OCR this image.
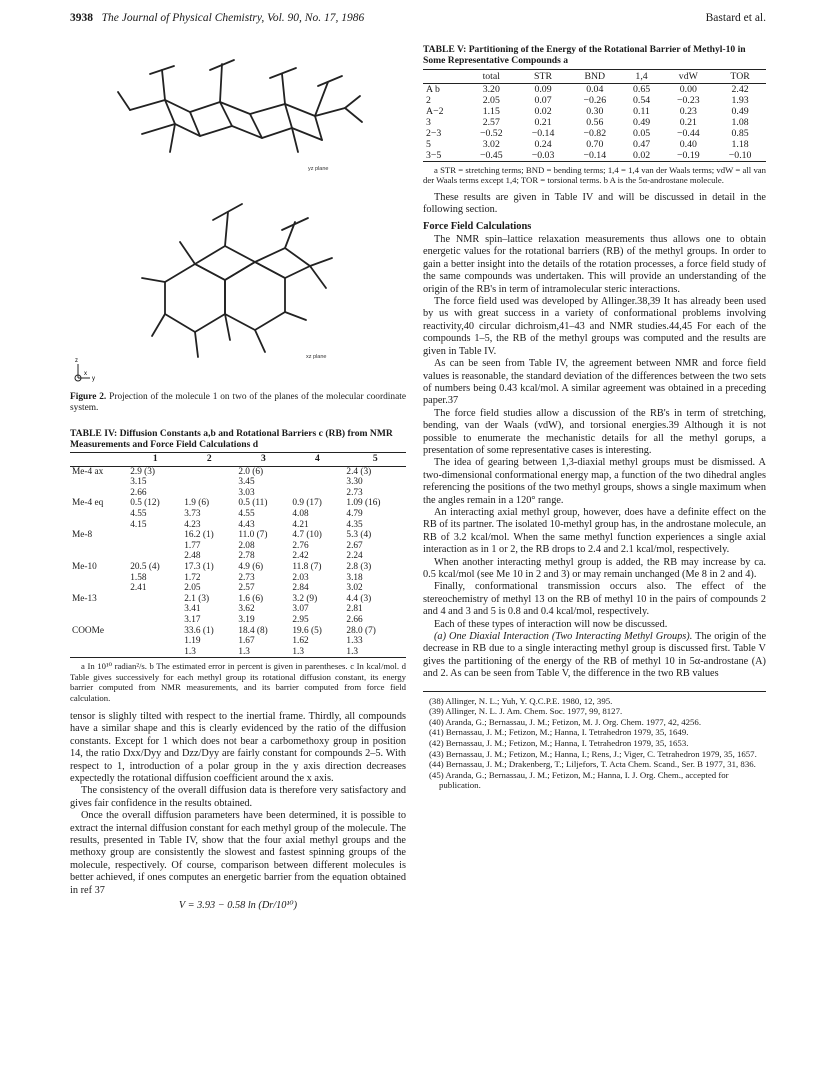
3938 The Journal of Physical Chemistry, Vol. 90, No. 17, 1986	Bastard et al.
yz plane
xz plane
z
x
y
Figure 2. Projection of the molecule 1 on two of the planes of the molecular coordinate system.
TABLE IV: Diffusion Constants a,b and Rotational Barriers c (RB) from NMR Measurements and Force Field Calculations d
	1	2	3	4	5
Me-4 ax	2.9 (3)		2.0 (6)		2.4 (3)
	3.15		3.45		3.30
	2.66		3.03		2.73
Me-4 eq	0.5 (12)	1.9 (6)	0.5 (11)	0.9 (17)	1.09 (16)
	4.55	3.73	4.55	4.08	4.79
	4.15	4.23	4.43	4.21	4.35
Me-8		16.2 (1)	11.0 (7)	4.7 (10)	5.3 (4)
		1.77	2.08	2.76	2.67
		2.48	2.78	2.42	2.24
Me-10	20.5 (4)	17.3 (1)	4.9 (6)	11.8 (7)	2.8 (3)
	1.58	1.72	2.73	2.03	3.18
	2.41	2.05	2.57	2.84	3.02
Me-13		2.1 (3)	1.6 (6)	3.2 (9)	4.4 (3)
		3.41	3.62	3.07	2.81
		3.17	3.19	2.95	2.66
COOMe		33.6 (1)	18.4 (8)	19.6 (5)	28.0 (7)
		1.19	1.67	1.62	1.33
		1.3	1.3	1.3	1.3
a In 10¹⁰ radian²/s. b The estimated error in percent is given in parentheses. c In kcal/mol. d Table gives successively for each methyl group its rotational diffusion constant, its energy barrier computed from NMR measurements, and its barrier computed from force field calculation.

tensor is slighly tilted with respect to the inertial frame. Thirdly, all compounds have a similar shape and this is clearly evidenced by the ratio of the diffusion constants. Except for 1 which does not bear a carbomethoxy group in position 14, the ratio Dxx/Dyy and Dzz/Dyy are fairly constant for compounds 2–5. With respect to 1, introduction of a polar group in the y axis direction decreases expectedly the rotational diffusion coefficient around the x axis.

The consistency of the overall diffusion data is therefore very satisfactory and gives fair confidence in the results obtained.

Once the overall diffusion parameters have been determined, it is possible to extract the internal diffusion constant for each methyl group of the molecule. The results, presented in Table IV, show that the four axial methyl groups and the methoxy group are consistently the slowest and fastest spinning groups of the molecule, respectively. Of course, comparison between different molecules is better achieved, if ones computes an energetic barrier from the equation obtained in ref 37

V = 3.93 − 0.58 ln (Dr/10¹⁰)
TABLE V: Partitioning of the Energy of the Rotational Barrier of Methyl-10 in Some Representative Compounds a
	total	STR	BND	1,4	vdW	TOR
A b	3.20	0.09	0.04	0.65	0.00	2.42
2	2.05	0.07	−0.26	0.54	−0.23	1.93
A−2	1.15	0.02	0.30	0.11	0.23	0.49
3	2.57	0.21	0.56	0.49	0.21	1.08
2−3	−0.52	−0.14	−0.82	0.05	−0.44	0.85
5	3.02	0.24	0.70	0.47	0.40	1.18
3−5	−0.45	−0.03	−0.14	0.02	−0.19	−0.10
a STR = stretching terms; BND = bending terms; 1,4 = 1,4 van der Waals terms; vdW = all van der Waals terms except 1,4; TOR = torsional terms. b A is the 5α-androstane molecule.

These results are given in Table IV and will be discussed in detail in the following section.

Force Field Calculations

The NMR spin–lattice relaxation measurements thus allows one to obtain energetic values for the rotational barriers (RB) of the methyl groups. In order to gain a better insight into the details of the rotation processes, a force field study of the same compounds was undertaken. This will provide an understanding of the origin of the RB's in term of intramolecular steric interactions.

The force field used was developed by Allinger.38,39 It has already been used by us with great success in a variety of conformational problems involving reactivity,40 circular dichroism,41–43 and NMR studies.44,45 For each of the compounds 1–5, the RB of the methyl groups was computed and the results are given in Table IV.

As can be seen from Table IV, the agreement between NMR and force field values is reasonable, the standard deviation of the differences between the two sets of numbers being 0.43 kcal/mol. A similar agreement was obtained in a preceding paper.37

The force field studies allow a discussion of the RB's in term of stretching, bending, van der Waals (vdW), and torsional energies.39 Although it is not possible to enumerate the mechanistic details for all the methyl gorups, a presentation of some representative cases is interesting.

The idea of gearing between 1,3-diaxial methyl groups must be dismissed. A two-dimensional conformational energy map, a function of the two dihedral angles referencing the positions of the two methyl groups, shows a single maximum when the angles remain in a 120° range.

An interacting axial methyl group, however, does have a definite effect on the RB of its partner. The isolated 10-methyl group has, in the androstane molecule, an RB of 3.2 kcal/mol. When the same methyl function experiences a single axial interaction as in 1 or 2, the RB drops to 2.4 and 2.1 kcal/mol, respectively.

When another interacting methyl group is added, the RB may increase by ca. 0.5 kcal/mol (see Me 10 in 2 and 3) or may remain unchanged (Me 8 in 2 and 4).

Finally, conformational transmission occurs also. The effect of the stereochemistry of methyl 13 on the RB of methyl 10 in the pairs of compounds 2 and 4 and 3 and 5 is 0.8 and 0.4 kcal/mol, respectively.

Each of these types of interaction will now be discussed.

(a) One Diaxial Interaction (Two Interacting Methyl Groups). The origin of the decrease in RB due to a single interacting methyl group is discussed first. Table V gives the partitioning of the energy of the RB of methyl 10 in 5α-androstane (A) and 2. As can be seen from Table V, the difference in the two RB values

(38) Allinger, N. L.; Yuh, Y. Q.C.P.E. 1980, 12, 395.
(39) Allinger, N. L. J. Am. Chem. Soc. 1977, 99, 8127.
(40) Aranda, G.; Bernassau, J. M.; Fetizon, M. J. Org. Chem. 1977, 42, 4256.
(41) Bernassau, J. M.; Fetizon, M.; Hanna, I. Tetrahedron 1979, 35, 1649.
(42) Bernassau, J. M.; Fetizon, M.; Hanna, I. Tetrahedron 1979, 35, 1653.
(43) Bernassau, J. M.; Fetizon, M.; Hanna, I.; Rens, J.; Viger, C. Tetrahedron 1979, 35, 1657.
(44) Bernassau, J. M.; Drakenberg, T.; Liljefors, T. Acta Chem. Scand., Ser. B 1977, 31, 836.
(45) Aranda, G.; Bernassau, J. M.; Fetizon, M.; Hanna, I. J. Org. Chem., accepted for publication.
